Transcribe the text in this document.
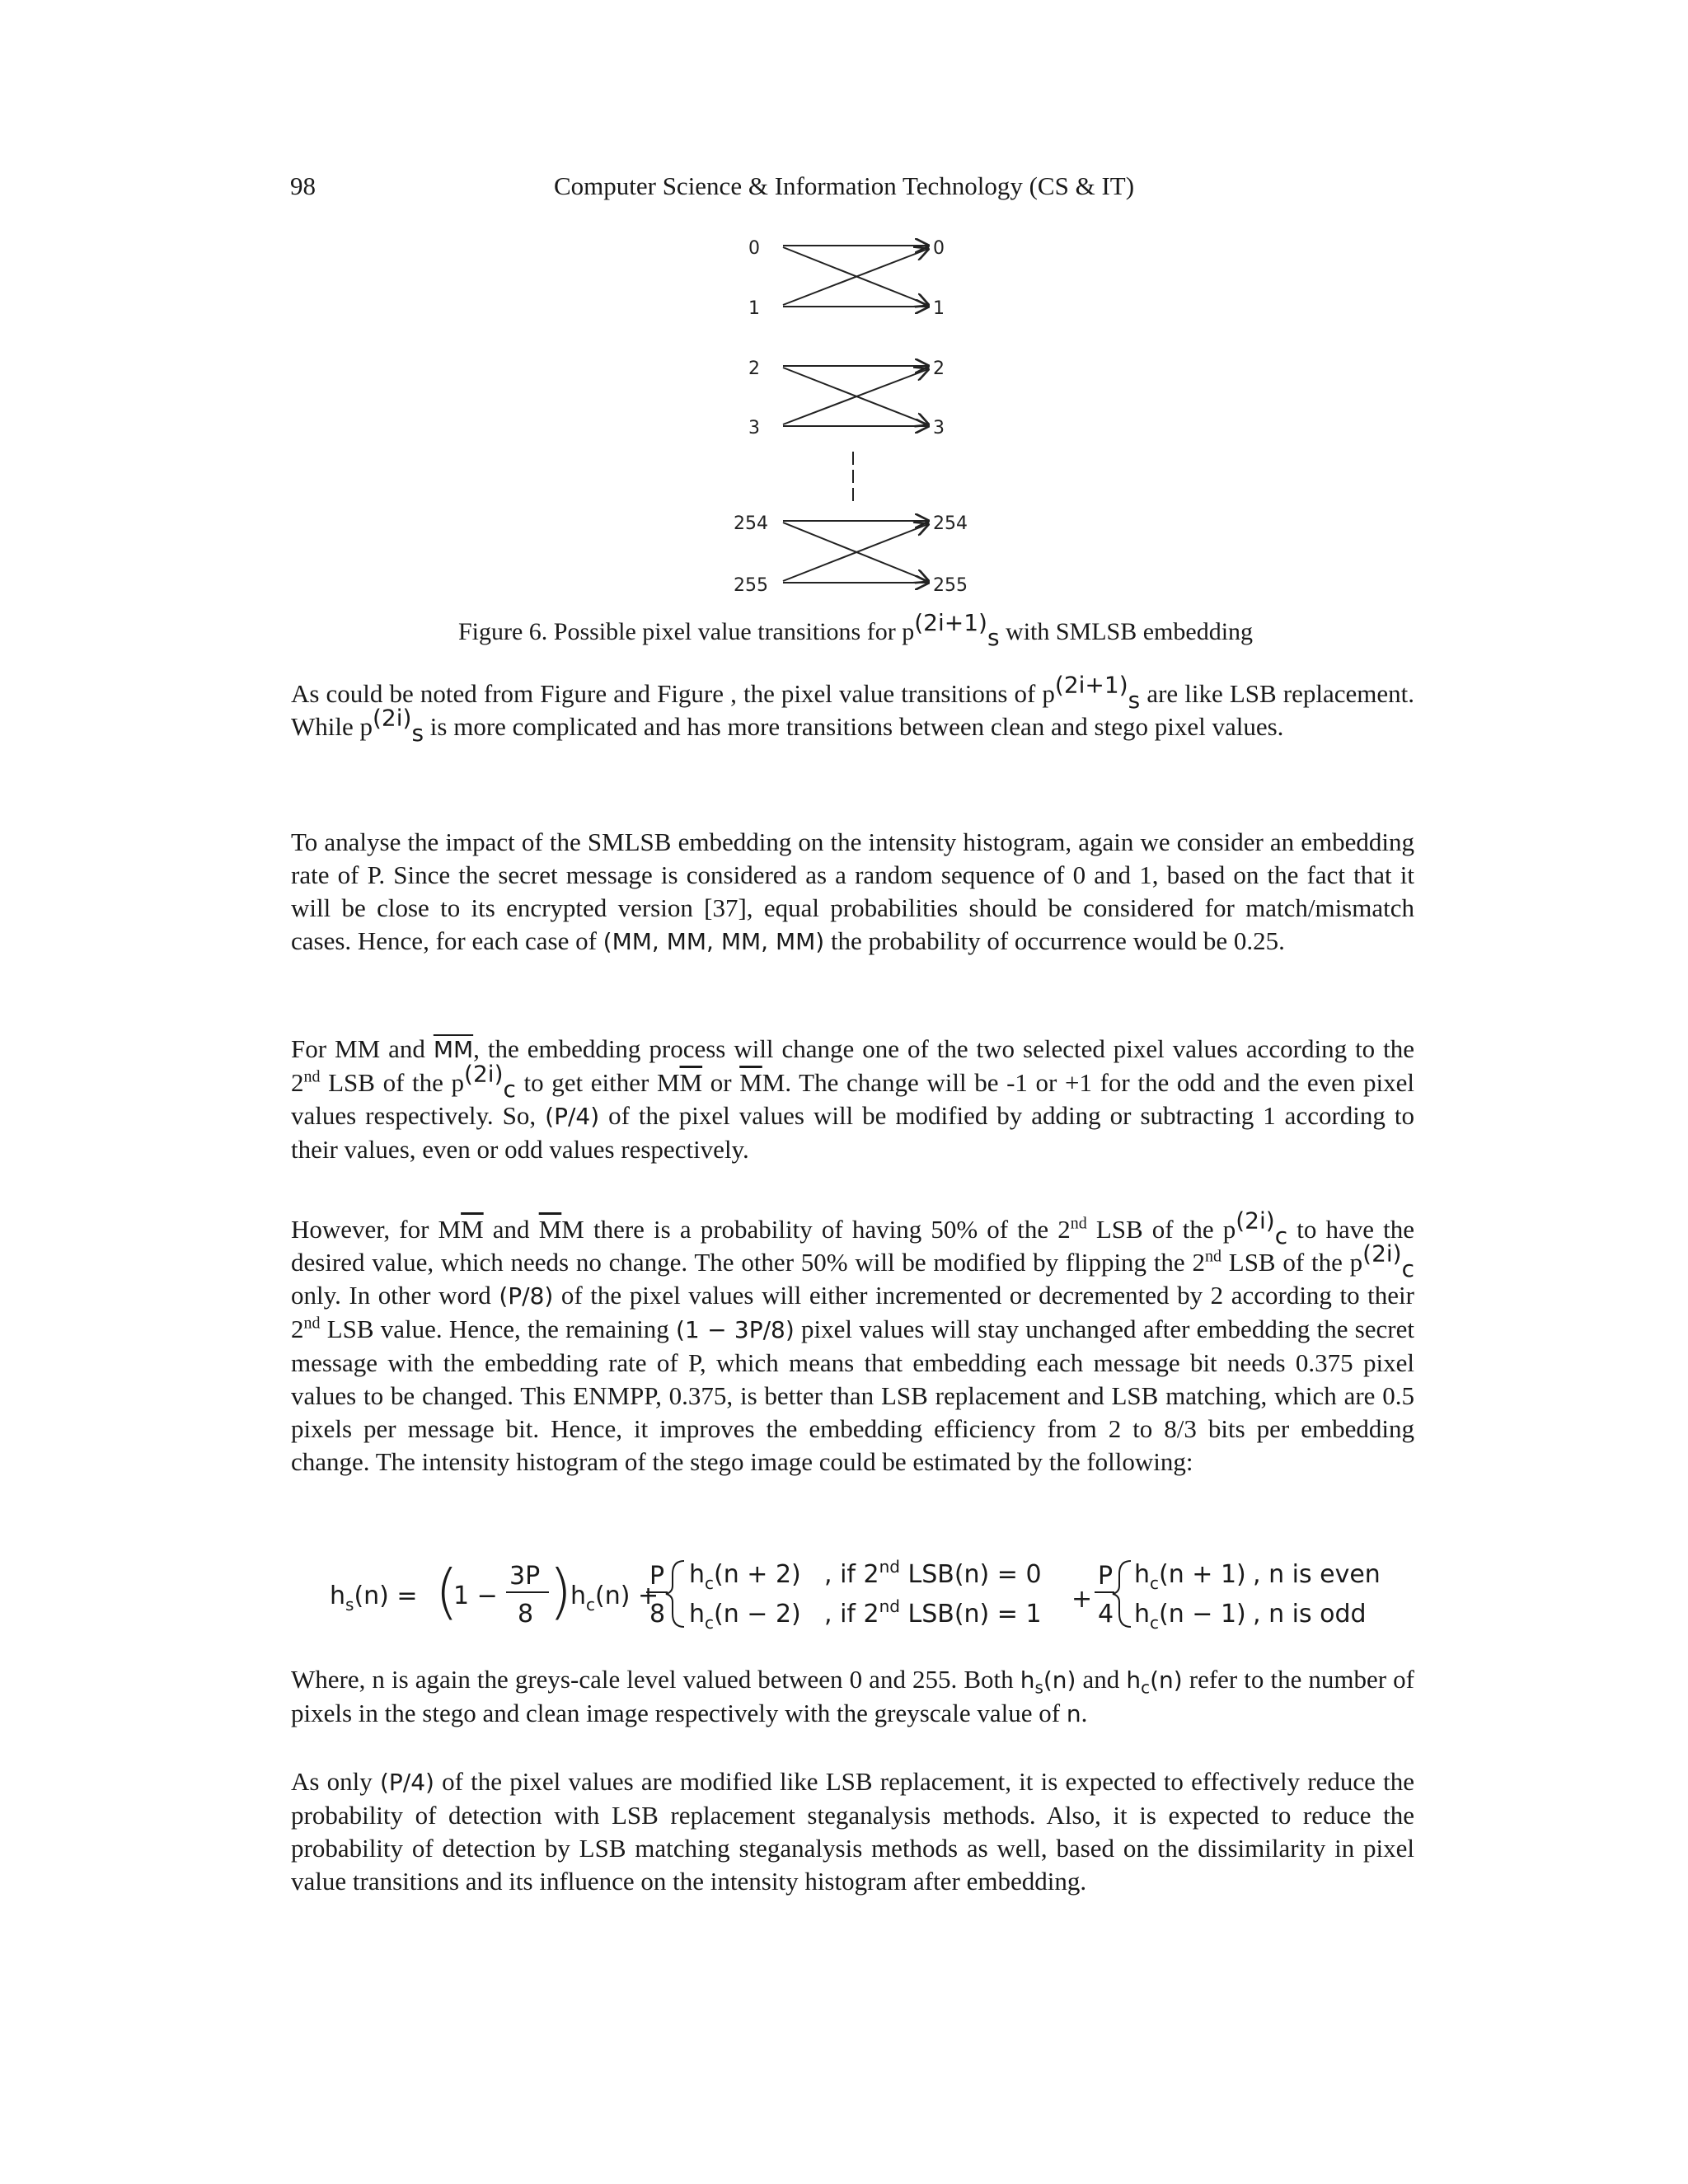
98	Computer Science & Information Technology (CS & IT)
0
1
2
3
254
255
0
1
2
3
254
255
Figure 6. Possible pixel value transitions for $p^{(2i+1)}_s$ with SMLSB embedding

As could be noted from Figure and Figure , the pixel value transitions of $p^{(2i+1)}_s$ are like LSB replacement. While $p^{(2i)}_s$ is more complicated and has more transitions between clean and stego pixel values.

To analyse the impact of the SMLSB embedding on the intensity histogram, again we consider an embedding rate of P. Since the secret message is considered as a random sequence of 0 and 1, based on the fact that it will be close to its encrypted version [37], equal probabilities should be considered for match/mismatch cases. Hence, for each case of (MM, MM, MM, MM) the probability of occurrence would be 0.25.

For MM and $\overline{MM}$, the embedding process will change one of the two selected pixel values according to the 2nd LSB of the $p^{(2i)}_c$ to get either $M\overline{M}$ or $\overline{M}M$. The change will be -1 or +1 for the odd and the even pixel values respectively. So, (P/4) of the pixel values will be modified by adding or subtracting 1 according to their values, even or odd values respectively.

However, for $M\overline{M}$ and $\overline{M}M$ there is a probability of having 50% of the 2nd LSB of the $p^{(2i)}_c$ to have the desired value, which needs no change. The other 50% will be modified by flipping the 2nd LSB of the $p^{(2i)}_c$ only. In other word (P/8) of the pixel values will either incremented or decremented by 2 according to their 2nd LSB value. Hence, the remaining (1 − 3P/8) pixel values will stay unchanged after embedding the secret message with the embedding rate of P, which means that embedding each message bit needs 0.375 pixel values to be changed. This ENMPP, 0.375, is better than LSB replacement and LSB matching, which are 0.5 pixels per message bit. Hence, it improves the embedding efficiency from 2 to 8/3 bits per embedding change. The intensity histogram of the stego image could be estimated by the following:

$h_s(n)$ = (
1 −
3P
8 )
$h_c(n)$ +
P
8
$h_c(n + 2)$ , if 2nd LSB(n) = 0
$h_c(n - 2)$ , if 2nd LSB(n) = 1
+
P
4
$h_c(n + 1)$ , n is even
$h_c(n - 1)$ , n is odd

Where, n is again the greys-cale level valued between 0 and 255. Both $h_s(n)$ and $h_c(n)$ refer to the number of pixels in the stego and clean image respectively with the greyscale value of n.

As only (P/4) of the pixel values are modified like LSB replacement, it is expected to effectively reduce the probability of detection with LSB replacement steganalysis methods. Also, it is expected to reduce the probability of detection by LSB matching steganalysis methods as well, based on the dissimilarity in pixel value transitions and its influence on the intensity histogram after embedding.
